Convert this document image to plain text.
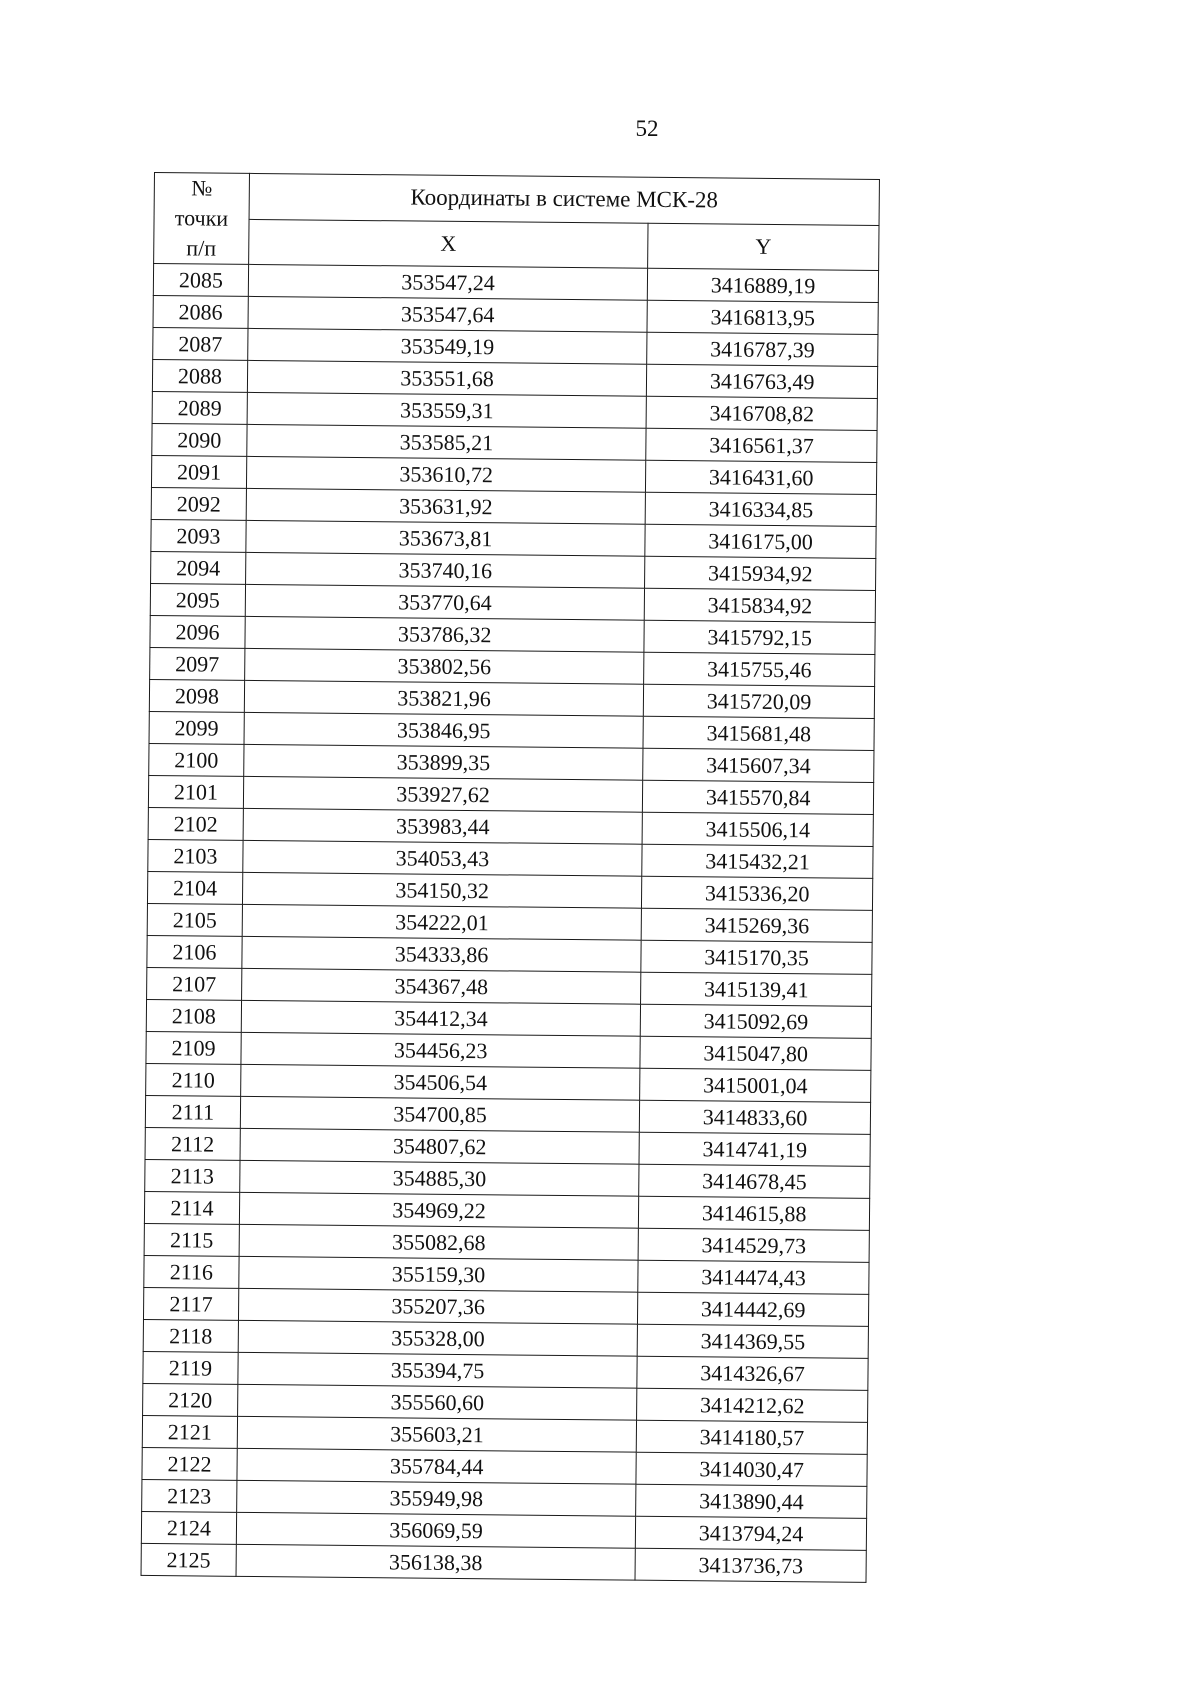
52
№
точки
п/п	Координаты в системе МСК-28	
	X	Y
2085	353547,24	3416889,19
2086	353547,64	3416813,95
2087	353549,19	3416787,39
2088	353551,68	3416763,49
2089	353559,31	3416708,82
2090	353585,21	3416561,37
2091	353610,72	3416431,60
2092	353631,92	3416334,85
2093	353673,81	3416175,00
2094	353740,16	3415934,92
2095	353770,64	3415834,92
2096	353786,32	3415792,15
2097	353802,56	3415755,46
2098	353821,96	3415720,09
2099	353846,95	3415681,48
2100	353899,35	3415607,34
2101	353927,62	3415570,84
2102	353983,44	3415506,14
2103	354053,43	3415432,21
2104	354150,32	3415336,20
2105	354222,01	3415269,36
2106	354333,86	3415170,35
2107	354367,48	3415139,41
2108	354412,34	3415092,69
2109	354456,23	3415047,80
2110	354506,54	3415001,04
2111	354700,85	3414833,60
2112	354807,62	3414741,19
2113	354885,30	3414678,45
2114	354969,22	3414615,88
2115	355082,68	3414529,73
2116	355159,30	3414474,43
2117	355207,36	3414442,69
2118	355328,00	3414369,55
2119	355394,75	3414326,67
2120	355560,60	3414212,62
2121	355603,21	3414180,57
2122	355784,44	3414030,47
2123	355949,98	3413890,44
2124	356069,59	3413794,24
2125	356138,38	3413736,73
